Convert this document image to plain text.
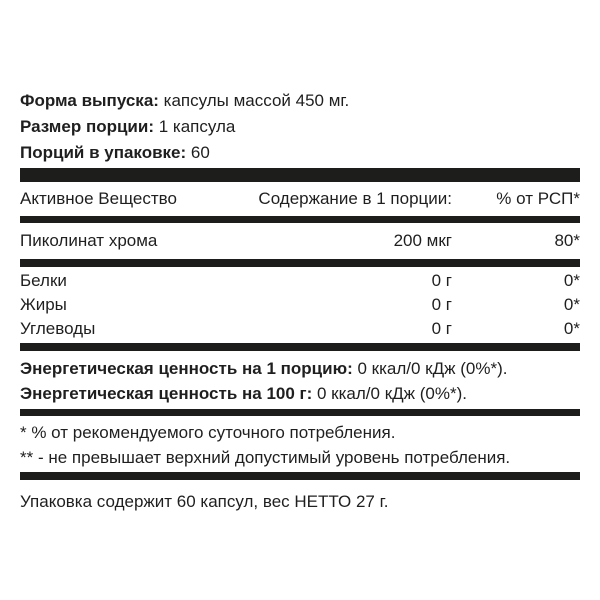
Форма выпуска: капсулы массой 450 мг.

Размер порции: 1 капсула

Порций в упаковке: 60

Активное Вещество	Содержание в 1 порции:	% от РСП*
Пиколинат хрома	200 мкг	80*
Белки	0 г	0*
Жиры	0 г	0*
Углеводы	0 г	0*

Энергетическая ценность на 1 порцию: 0 ккал/0 кДж (0%*).

Энергетическая ценность на 100 г: 0 ккал/0 кДж (0%*).

* % от рекомендуемого суточного потребления.

** - не превышает верхний допустимый уровень потребления.

Упаковка содержит 60 капсул, вес НЕТТО 27 г.
